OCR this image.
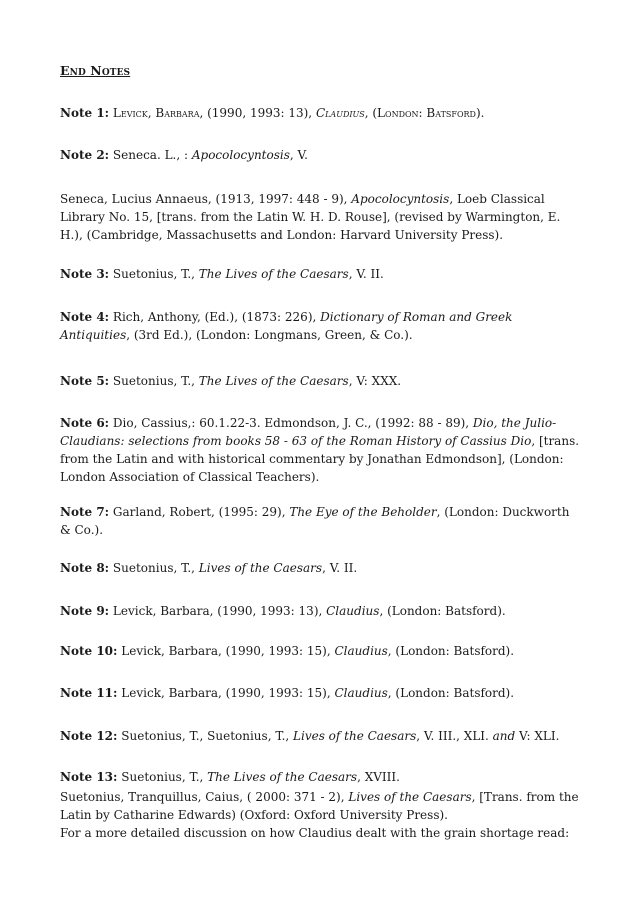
End Notes

Note 1: Levick, Barbara, (1990, 1993: 13), Claudius, (London: Batsford).

Note 2: Seneca. L., : Apocolocyntosis, V.

Seneca, Lucius Annaeus, (1913, 1997: 448 - 9), Apocolocyntosis, Loeb Classical Library No. 15, [trans. from the Latin W. H. D. Rouse], (revised by Warmington, E. H.), (Cambridge, Massachusetts and London: Harvard University Press).

Note 3: Suetonius, T., The Lives of the Caesars, V. II.

Note 4: Rich, Anthony, (Ed.), (1873: 226), Dictionary of Roman and Greek Antiquities, (3rd Ed.), (London: Longmans, Green, & Co.).

Note 5: Suetonius, T., The Lives of the Caesars, V: XXX.

Note 6: Dio, Cassius,: 60.1.22-3. Edmondson, J. C., (1992: 88 - 89), Dio, the Julio-Claudians: selections from books 58 - 63 of the Roman History of Cassius Dio, [trans. from the Latin and with historical commentary by Jonathan Edmondson], (London: London Association of Classical Teachers).

Note 7: Garland, Robert, (1995: 29), The Eye of the Beholder, (London: Duckworth & Co.).

Note 8: Suetonius, T., Lives of the Caesars, V. II.

Note 9: Levick, Barbara, (1990, 1993: 13), Claudius, (London: Batsford).

Note 10: Levick, Barbara, (1990, 1993: 15), Claudius, (London: Batsford).

Note 11: Levick, Barbara, (1990, 1993: 15), Claudius, (London: Batsford).

Note 12: Suetonius, T., Suetonius, T., Lives of the Caesars, V. III., XLI. and V: XLI.

Note 13: Suetonius, T., The Lives of the Caesars, XVIII.

Suetonius, Tranquillus, Caius, ( 2000: 371 - 2), Lives of the Caesars, [Trans. from the Latin by Catharine Edwards) (Oxford: Oxford University Press).

For a more detailed discussion on how Claudius dealt with the grain shortage read:
